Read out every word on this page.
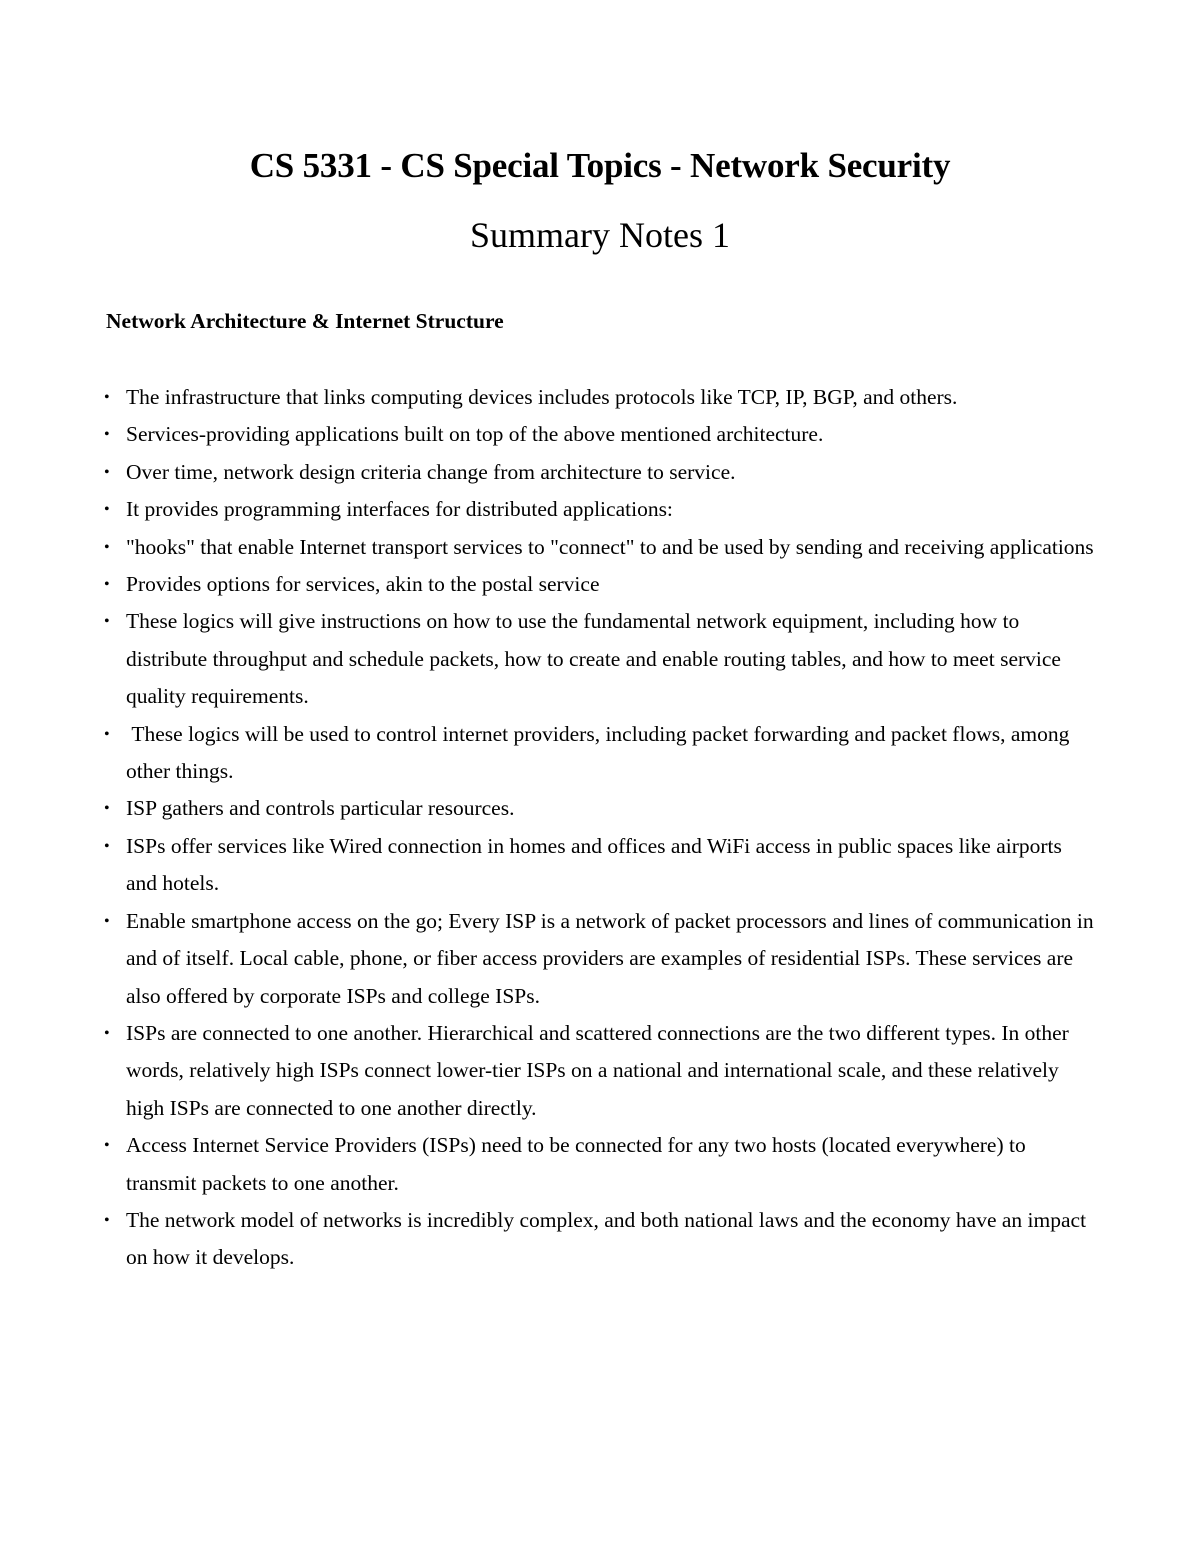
CS 5331 - CS Special Topics - Network Security
Summary Notes 1
Network Architecture & Internet Structure
• The infrastructure that links computing devices includes protocols like TCP, IP, BGP, and others.
• Services-providing applications built on top of the above mentioned architecture.
• Over time, network design criteria change from architecture to service.
• It provides programming interfaces for distributed applications:
• "hooks" that enable Internet transport services to "connect" to and be used by sending and receiving applications
• Provides options for services, akin to the postal service
• These logics will give instructions on how to use the fundamental network equipment, including how to distribute throughput and schedule packets, how to create and enable routing tables, and how to meet service quality requirements.
• These logics will be used to control internet providers, including packet forwarding and packet flows, among other things.
• ISP gathers and controls particular resources.
• ISPs offer services like Wired connection in homes and offices and WiFi access in public spaces like airports and hotels.
• Enable smartphone access on the go; Every ISP is a network of packet processors and lines of communication in and of itself. Local cable, phone, or fiber access providers are examples of residential ISPs. These services are also offered by corporate ISPs and college ISPs.
• ISPs are connected to one another. Hierarchical and scattered connections are the two different types. In other words, relatively high ISPs connect lower-tier ISPs on a national and international scale, and these relatively high ISPs are connected to one another directly.
• Access Internet Service Providers (ISPs) need to be connected for any two hosts (located everywhere) to transmit packets to one another.
• The network model of networks is incredibly complex, and both national laws and the economy have an impact on how it develops.
